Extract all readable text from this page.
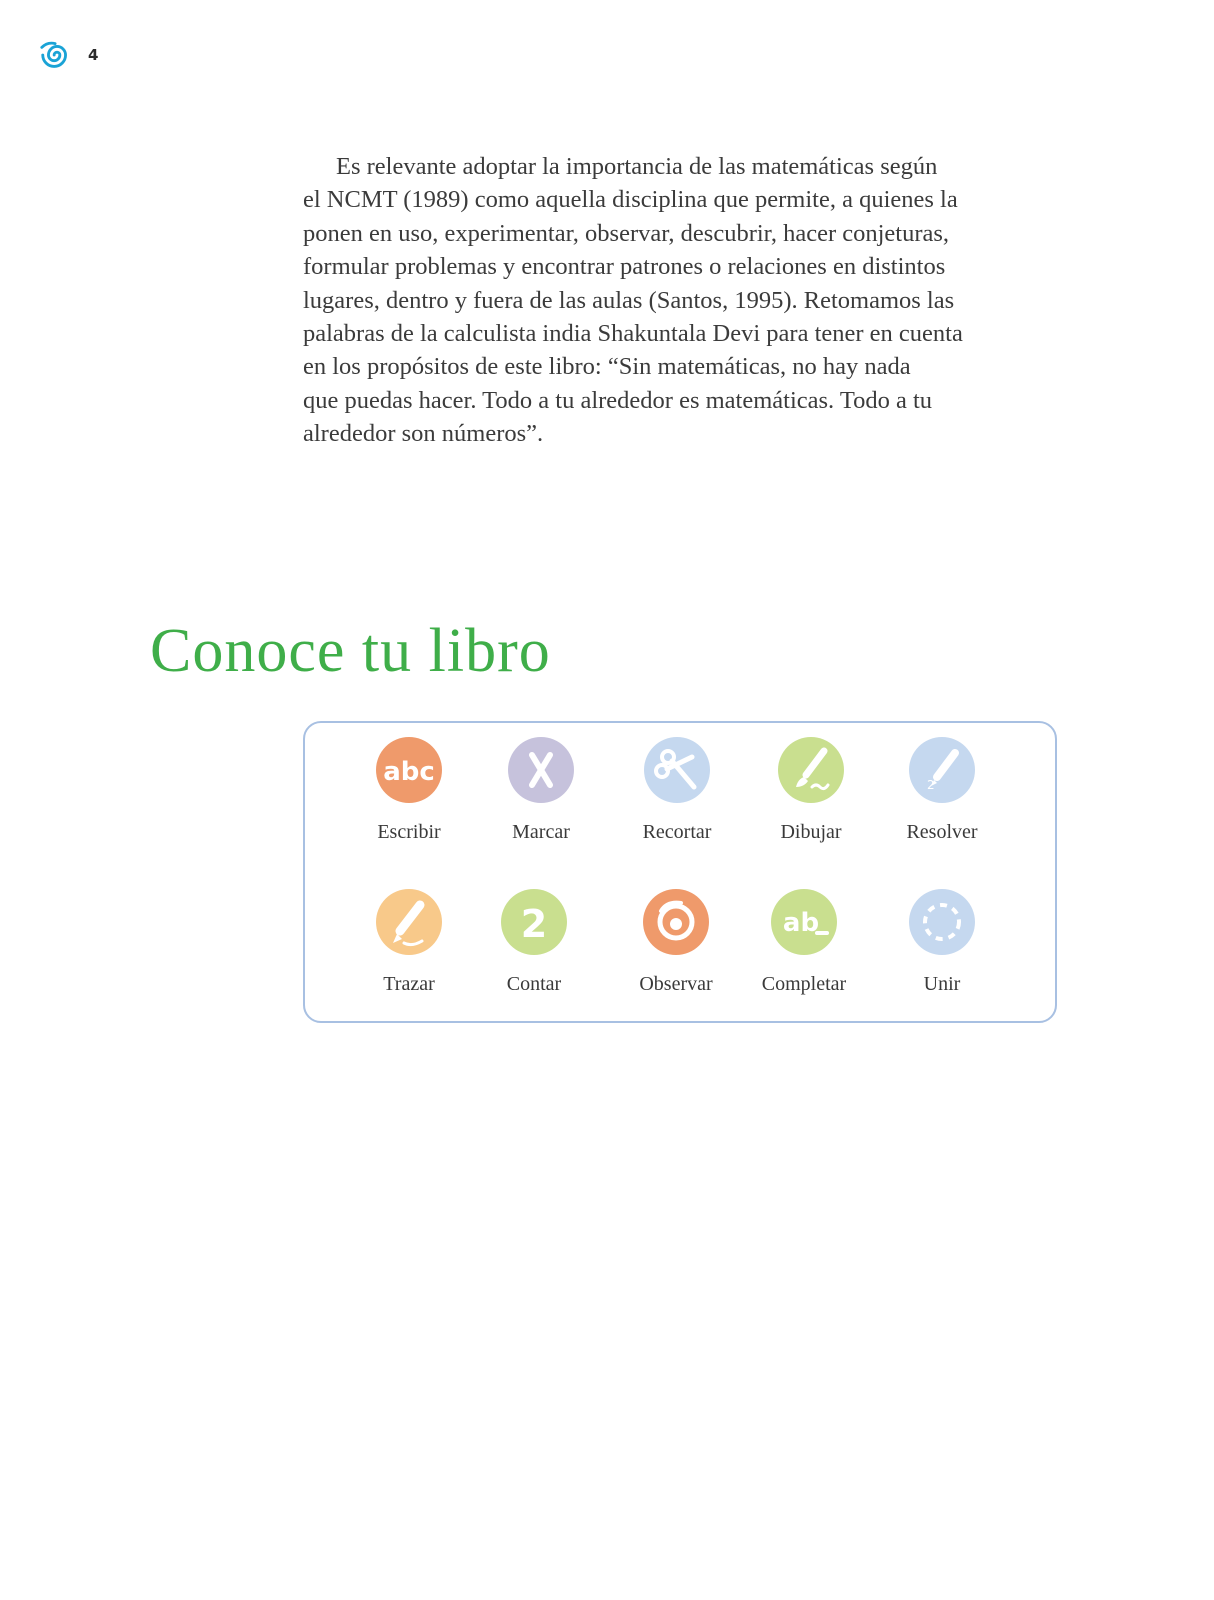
4
Es relevante adoptar la importancia de las matemáticas según
el NCMT (1989) como aquella disciplina que permite, a quienes la
ponen en uso, experimentar, observar, descubrir, hacer conjeturas,
formular problemas y encontrar patrones o relaciones en distintos
lugares, dentro y fuera de las aulas (Santos, 1995). Retomamos las
palabras de la calculista india Shakuntala Devi para tener en cuenta
en los propósitos de este libro: “Sin matemáticas, no hay nada
que puedas hacer. Todo a tu alrededor es matemáticas. Todo a tu
alrededor son números”.
Conoce tu libro
abc
Escribir	Marcar	Recortar	Dibujar
2
Resolver
Trazar
2
Contar	Observar
ab
Completar	Unir
